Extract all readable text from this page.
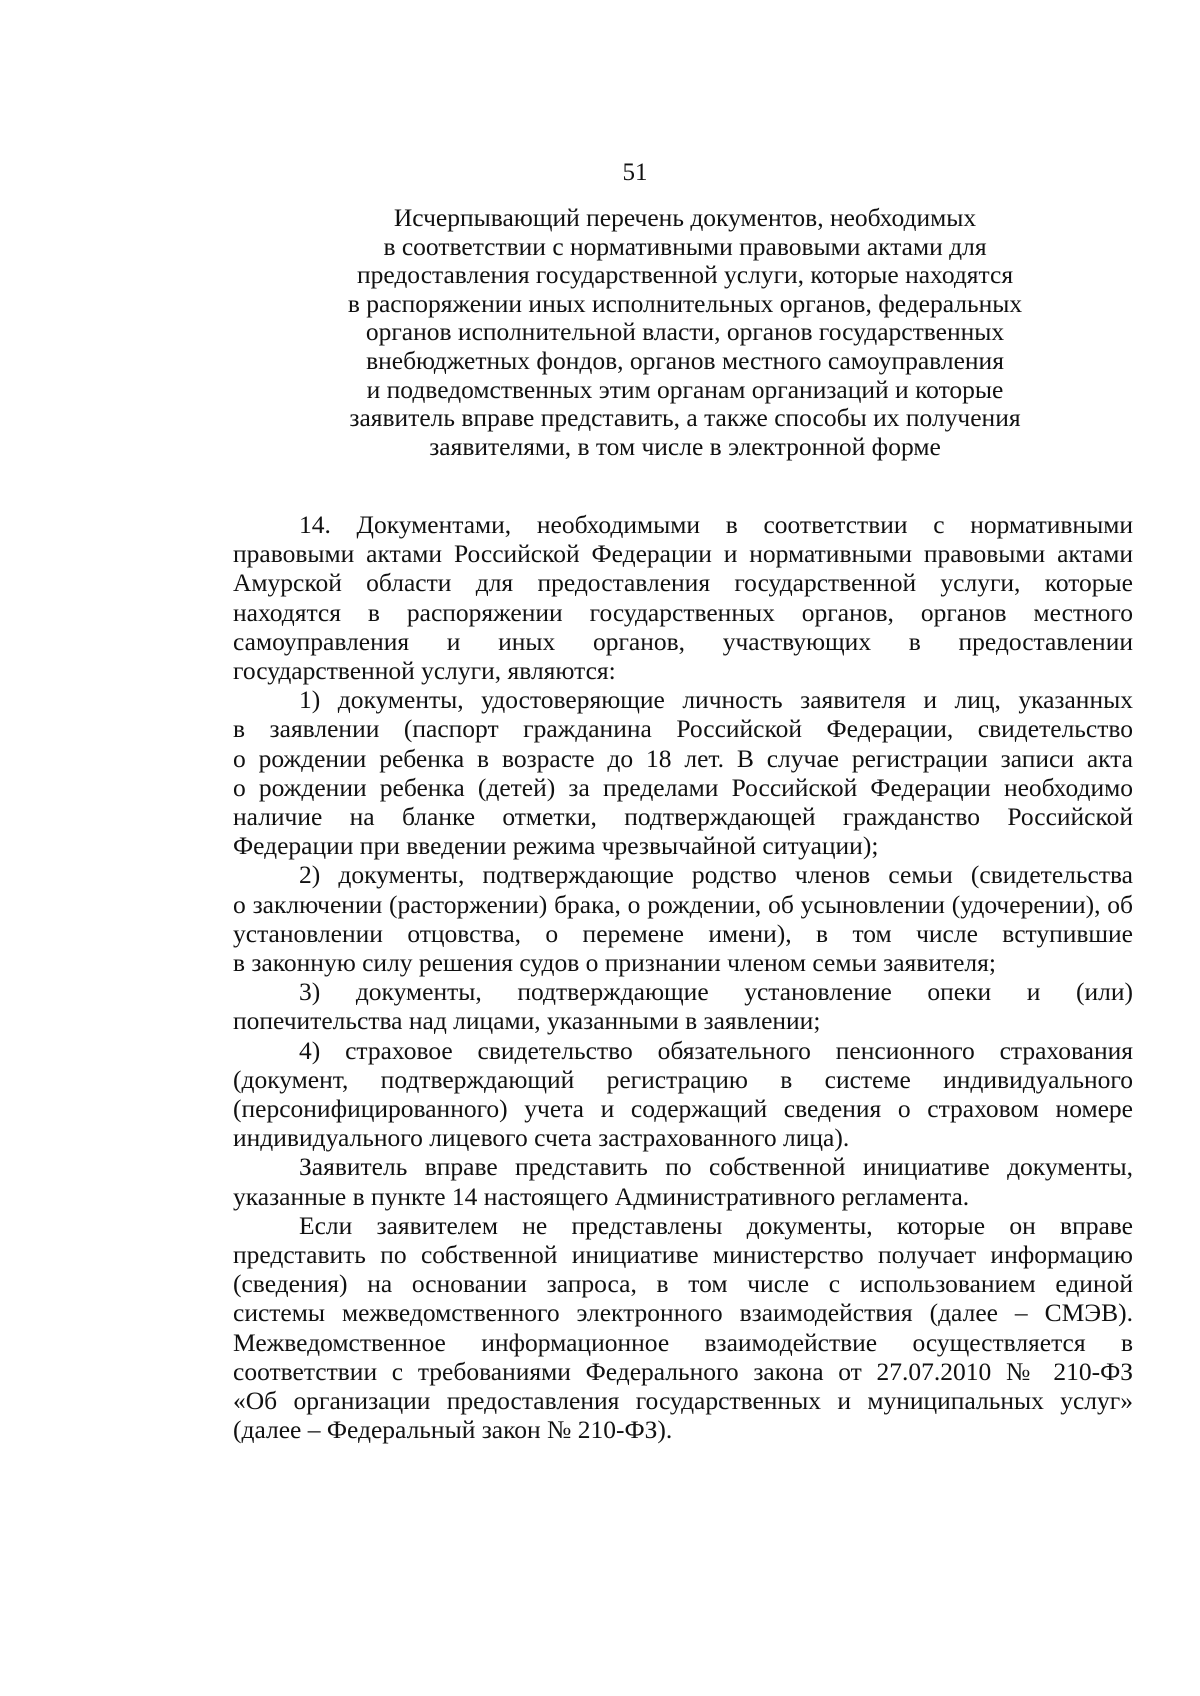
51
Исчерпывающий перечень документов, необходимых
в соответствии с нормативными правовыми актами для
предоставления государственной услуги, которые находятся
в распоряжении иных исполнительных органов, федеральных
органов исполнительной власти, органов государственных
внебюджетных фондов, органов местного самоуправления
и подведомственных этим органам организаций и которые
заявитель вправе представить, а также способы их получения
заявителями, в том числе в электронной форме

14. Документами, необходимыми в соответствии с нормативными
правовыми актами Российской Федерации и нормативными правовыми актами
Амурской области для предоставления государственной услуги, которые
находятся в распоряжении государственных органов, органов местного
самоуправления и иных органов, участвующих в предоставлении
государственной услуги, являются:

1) документы, удостоверяющие личность заявителя и лиц, указанных
в заявлении (паспорт гражданина Российской Федерации, свидетельство
о рождении ребенка в возрасте до 18 лет. В случае регистрации записи акта
о рождении ребенка (детей) за пределами Российской Федерации необходимо
наличие на бланке отметки, подтверждающей гражданство Российской
Федерации при введении режима чрезвычайной ситуации);

2) документы, подтверждающие родство членов семьи (свидетельства
о заключении (расторжении) брака, о рождении, об усыновлении (удочерении), об
установлении отцовства, о перемене имени), в том числе вступившие
в законную силу решения судов о признании членом семьи заявителя;

3) документы, подтверждающие установление опеки и (или)
попечительства над лицами, указанными в заявлении;

4) страховое свидетельство обязательного пенсионного страхования
(документ, подтверждающий регистрацию в системе индивидуального
(персонифицированного) учета и содержащий сведения о страховом номере
индивидуального лицевого счета застрахованного лица).

Заявитель вправе представить по собственной инициативе документы,
указанные в пункте 14 настоящего Административного регламента.

Если заявителем не представлены документы, которые он вправе
представить по собственной инициативе министерство получает информацию
(сведения) на основании запроса, в том числе с использованием единой
системы межведомственного электронного взаимодействия (далее – СМЭВ).
Межведомственное информационное взаимодействие осуществляется в
соответствии с требованиями Федерального закона от 27.07.2010 № 210-ФЗ
«Об организации предоставления государственных и муниципальных услуг»
(далее – Федеральный закон № 210-ФЗ).
